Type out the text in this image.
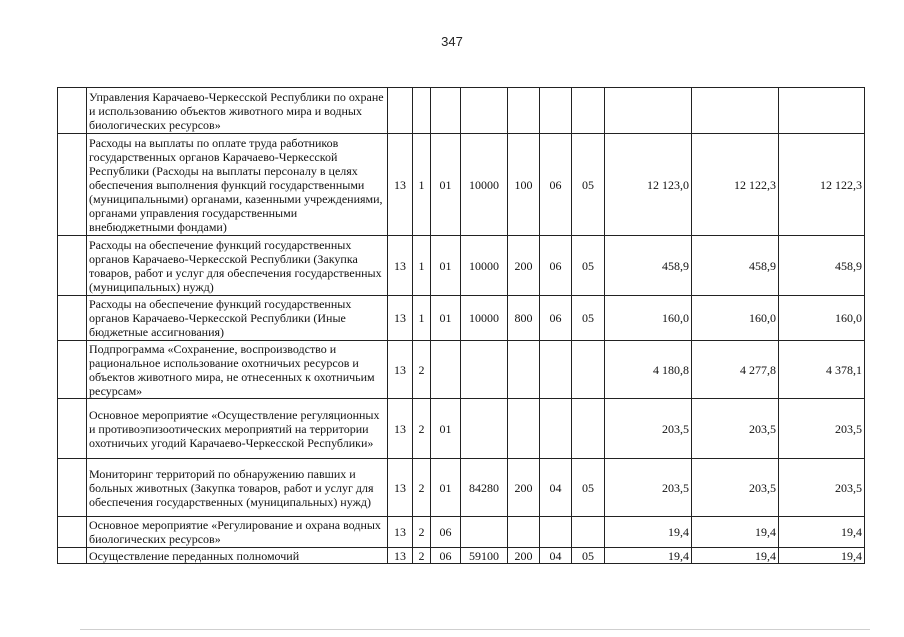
347
	Управления Карачаево-Черкесской Республики по охране и использованию объектов животного мира и водных биологических ресурсов»										
	Расходы на выплаты по оплате труда работников государственных органов Карачаево-Черкесской Республики (Расходы на выплаты персоналу в целях обеспечения выполнения функций государственными (муниципальными) органами, казенными учреждениями, органами управления государственными внебюджетными фондами)	13	1	01	10000	100	06	05	12 123,0	12 122,3	12 122,3
	Расходы на обеспечение функций государственных органов Карачаево-Черкесской Республики (Закупка товаров, работ и услуг для обеспечения государственных (муниципальных) нужд)	13	1	01	10000	200	06	05	458,9	458,9	458,9
	Расходы на обеспечение функций государственных органов Карачаево-Черкесской Республики (Иные бюджетные ассигнования)	13	1	01	10000	800	06	05	160,0	160,0	160,0
	Подпрограмма «Сохранение, воспроизводство и рациональное использование охотничьих ресурсов и объектов животного мира, не отнесенных к охотничьим ресурсам»	13	2						4 180,8	4 277,8	4 378,1
	Основное мероприятие «Осуществление регуляционных и противоэпизоотических мероприятий на территории охотничьих угодий Карачаево-Черкесской Республики»	13	2	01					203,5	203,5	203,5
	Мониторинг территорий по обнаружению павших и больных животных (Закупка товаров, работ и услуг для обеспечения государственных (муниципальных) нужд)	13	2	01	84280	200	04	05	203,5	203,5	203,5
	Основное мероприятие «Регулирование и охрана водных биологических ресурсов»	13	2	06					19,4	19,4	19,4
	Осуществление переданных полномочий	13	2	06	59100	200	04	05	19,4	19,4	19,4
